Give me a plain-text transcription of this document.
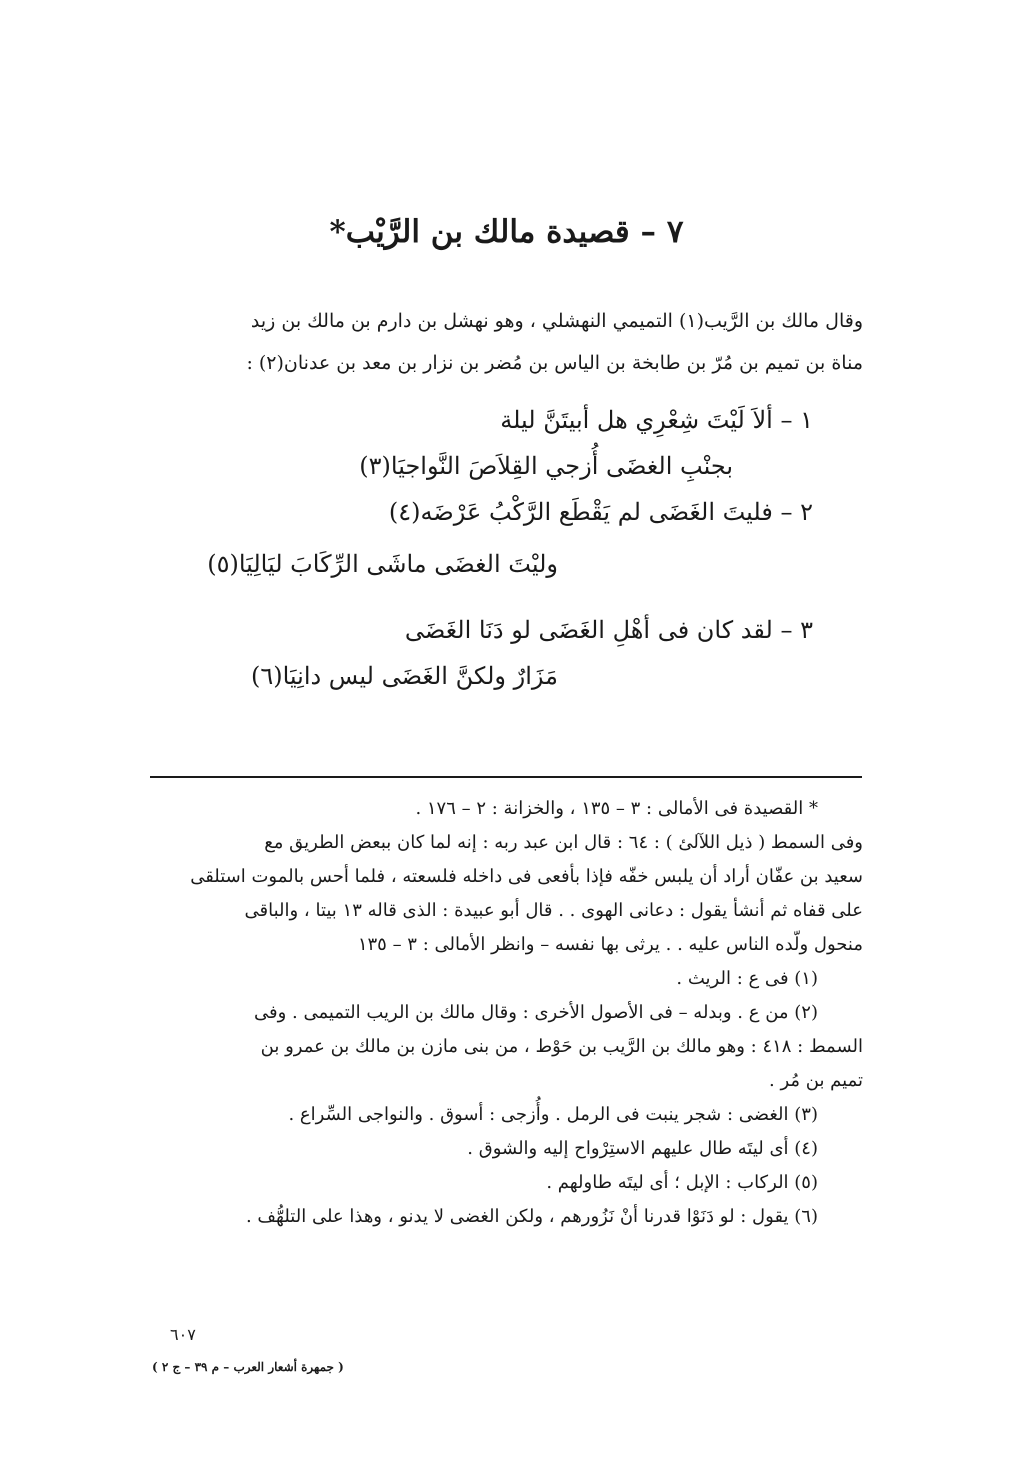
٧ – قصيدة مالك بن الرَّيْب*

وقال مالك بن الرَّيب(١) التميمي النهشلي ، وهو نهشل بن دارم بن مالك بن زيد

مناة بن تميم بن مُرّ بن طابخة بن الياس بن مُضر بن نزار بن معد بن عدنان(٢) :

١ – ألاَ لَيْتَ شِعْرِي هل أبيتَنَّ ليلة
بجنْبِ الغضَى أُزجي القِلاَصَ النَّواجيَا(٣)
٢ – فليتَ الغَضَى لم يَقْطَع الرَّكْبُ عَرْضَه(٤)
وليْتَ الغضَى ماشَى الرِّكَابَ ليَالِيَا(٥)
٣ – لقد كان فى أهْلِ الغَضَى لو دَنَا الغَضَى
مَزَارٌ ولكنَّ الغَضَى ليس دانِيَا(٦)

* القصيدة فى الأمالى : ٣ – ١٣٥ ، والخزانة : ٢ – ١٧٦ .

وفى السمط ( ذيل اللآلئ ) : ٦٤ : قال ابن عبد ربه : إنه لما كان ببعض الطريق مع

سعيد بن عفّان أراد أن يلبس خفّه فإذا بأفعى فى داخله فلسعته ، فلما أحس بالموت استلقى

على قفاه ثم أنشأ يقول : دعانى الهوى . . قال أبو عبيدة : الذى قاله ١٣ بيتا ، والباقى

منحول ولّده الناس عليه . . يرثى بها نفسه – وانظر الأمالى : ٣ – ١٣٥

(١) فى ع : الريث .

(٢) من ع . وبدله – فى الأصول الأخرى : وقال مالك بن الريب التميمى . وفى

السمط : ٤١٨ : وهو مالك بن الرَّيب بن حَوْط ، من بنى مازن بن مالك بن عمرو بن

تميم بن مُر .

(٣) الغضى : شجر ينبت فى الرمل . وأُزجى : أسوق . والنواجى السِّراع .

(٤) أى ليتَه طال عليهم الاستِرْواح إليه والشوق .

(٥) الركاب : الإبل ؛ أى ليتَه طاولهم .

(٦) يقول : لو دَنَوْا قدرنا أنْ نَزُورهم ، ولكن الغضى لا يدنو ، وهذا على التلهُّف .

٦٠٧
( جمهرة أشعار العرب – م ٣٩ – ج ٢ )
